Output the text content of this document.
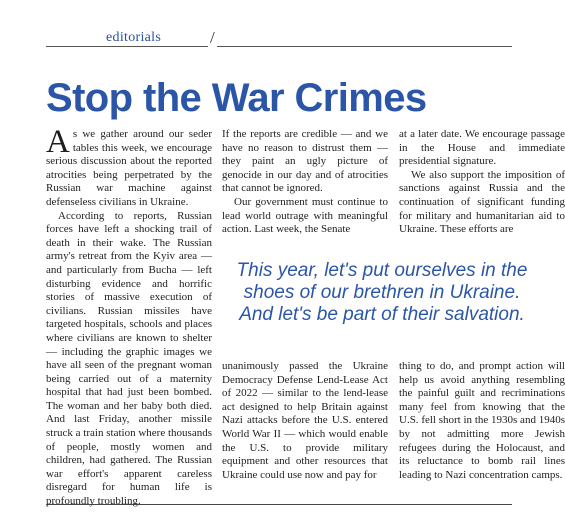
editorials	/
Stop the War Crimes

As we gather around our seder tables this week, we encourage serious discussion about the reported atrocities being perpetrated by the Russian war machine against defenseless civilians in Ukraine.

According to reports, Russian forces have left a shocking trail of death in their wake. The Russian army's retreat from the Kyiv area — and particularly from Bucha — left disturbing evidence and horrific stories of massive execution of civilians. Russian missiles have targeted hospitals, schools and places where civilians are known to shelter — including the graphic images we have all seen of the pregnant woman being carried out of a maternity hospital that had just been bombed. The woman and her baby both died. And last Friday, another missile struck a train station where thousands of people, mostly women and children, had gathered. The Russian war effort's apparent careless disregard for human life is profoundly troubling.

If the reports are credible — and we have no reason to distrust them — they paint an ugly picture of genocide in our day and of atrocities that cannot be ignored.

Our government must continue to lead world outrage with meaningful action. Last week, the Senate

at a later date. We encourage passage in the House and immediate presidential signature.

We also support the imposition of sanctions against Russia and the continuation of significant funding for military and humanitarian aid to Ukraine. These efforts are

This year, let's put ourselves in the
shoes of our brethren in Ukraine.
And let's be part of their salvation.

unanimously passed the Ukraine Democracy Defense Lend-Lease Act of 2022 — similar to the lend-lease act designed to help Britain against Nazi attacks before the U.S. entered World War II — which would enable the U.S. to provide military equipment and other resources that Ukraine could use now and pay for

thing to do, and prompt action will help us avoid anything resembling the painful guilt and recriminations many feel from knowing that the U.S. fell short in the 1930s and 1940s by not admitting more Jewish refugees during the Holocaust, and its reluctance to bomb rail lines leading to Nazi concentration camps.
